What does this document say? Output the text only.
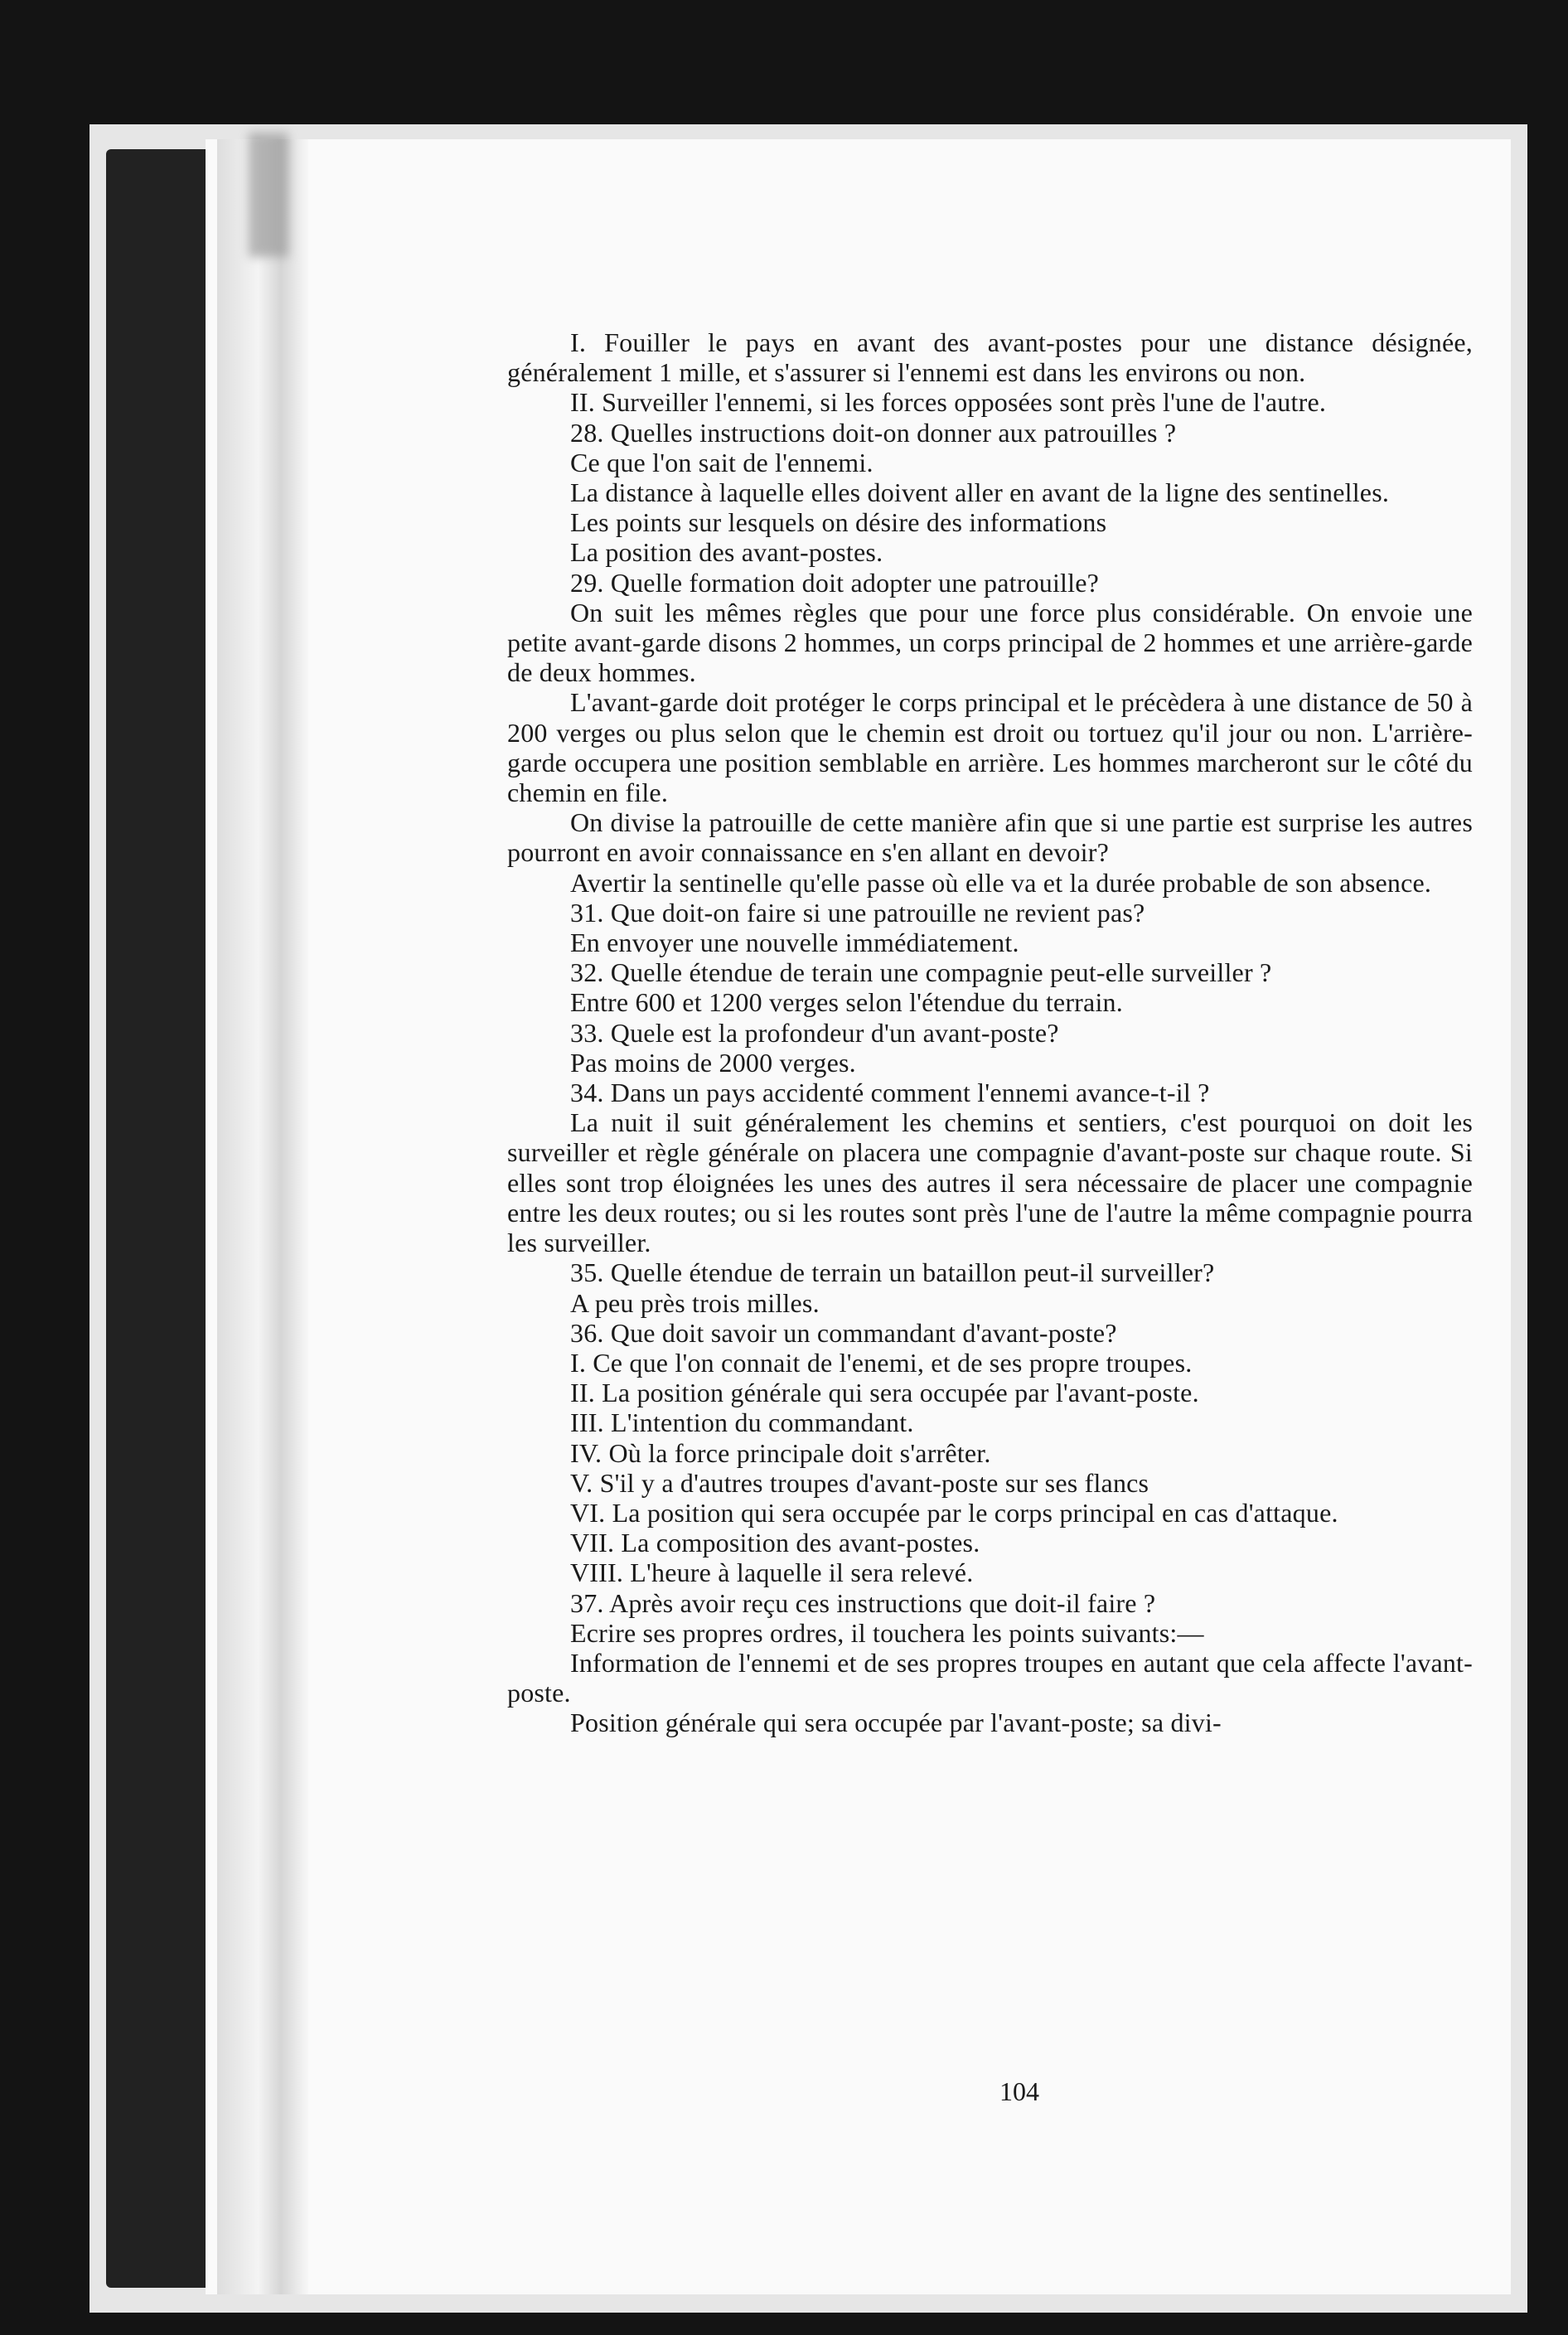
I. Fouiller le pays en avant des avant-postes pour une distance désignée, généralement 1 mille, et s'assurer si l'ennemi est dans les environs ou non.

II. Surveiller l'ennemi, si les forces opposées sont près l'une de l'autre.

28. Quelles instructions doit-on donner aux patrouilles ?

Ce que l'on sait de l'ennemi.

La distance à laquelle elles doivent aller en avant de la ligne des sentinelles.

Les points sur lesquels on désire des informations

La position des avant-postes.

29. Quelle formation doit adopter une patrouille?

On suit les mêmes règles que pour une force plus considérable. On envoie une petite avant-garde disons 2 hommes, un corps principal de 2 hommes et une arrière-garde de deux hommes.

L'avant-garde doit protéger le corps principal et le précèdera à une distance de 50 à 200 verges ou plus selon que le chemin est droit ou tortuez qu'il jour ou non. L'arrière-garde occupera une position semblable en arrière. Les hommes marcheront sur le côté du chemin en file.

On divise la patrouille de cette manière afin que si une partie est surprise les autres pourront en avoir connaissance en s'en allant en devoir?

Avertir la sentinelle qu'elle passe où elle va et la durée probable de son absence.

31. Que doit-on faire si une patrouille ne revient pas?

En envoyer une nouvelle immédiatement.

32. Quelle étendue de terain une compagnie peut-elle surveiller ?

Entre 600 et 1200 verges selon l'étendue du terrain.

33. Quele est la profondeur d'un avant-poste?

Pas moins de 2000 verges.

34. Dans un pays accidenté comment l'ennemi avance-t-il ?

La nuit il suit généralement les chemins et sentiers, c'est pourquoi on doit les surveiller et règle générale on placera une compagnie d'avant-poste sur chaque route. Si elles sont trop éloignées les unes des autres il sera nécessaire de placer une compagnie entre les deux routes; ou si les routes sont près l'une de l'autre la même compagnie pourra les surveiller.

35. Quelle étendue de terrain un bataillon peut-il surveiller?

A peu près trois milles.

36. Que doit savoir un commandant d'avant-poste?

I. Ce que l'on connait de l'enemi, et de ses propre troupes.

II. La position générale qui sera occupée par l'avant-poste.

III. L'intention du commandant.

IV. Où la force principale doit s'arrêter.

V. S'il y a d'autres troupes d'avant-poste sur ses flancs

VI. La position qui sera occupée par le corps principal en cas d'attaque.

VII. La composition des avant-postes.

VIII. L'heure à laquelle il sera relevé.

37. Après avoir reçu ces instructions que doit-il faire ?

Ecrire ses propres ordres, il touchera les points suivants:—

Information de l'ennemi et de ses propres troupes en autant que cela affecte l'avant-poste.

Position générale qui sera occupée par l'avant-poste; sa divi-

104
